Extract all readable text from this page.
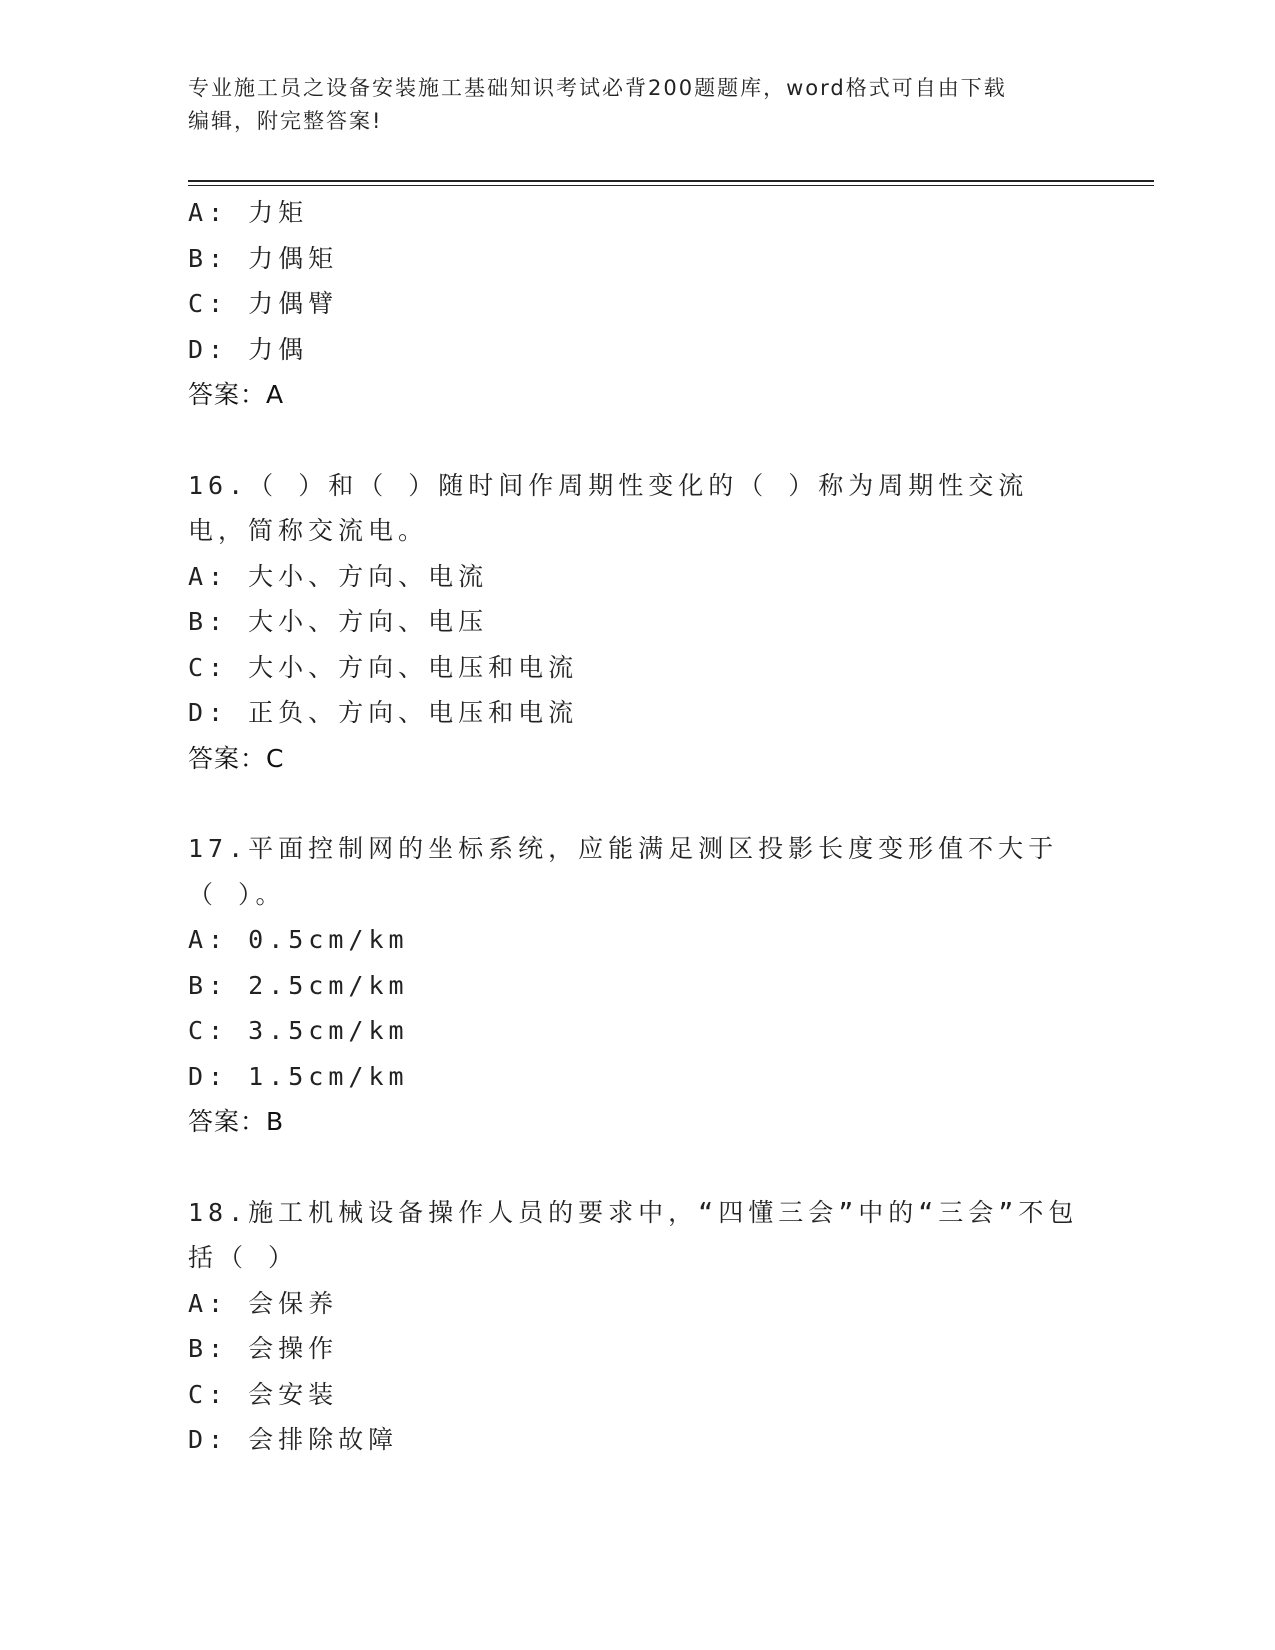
专业施工员之设备安装施工基础知识考试必背200题题库，word格式可自由下载
编辑，附完整答案!
A: 力矩
B: 力偶矩
C: 力偶臂
D: 力偶
答案：A
16.（ ）和（ ）随时间作周期性变化的（ ）称为周期性交流电，简称交流电。
A: 大小、方向、电流
B: 大小、方向、电压
C: 大小、方向、电压和电流
D: 正负、方向、电压和电流
答案：C
17.平面控制网的坐标系统，应能满足测区投影长度变形值不大于（ ）。
A: 0.5cm/km
B: 2.5cm/km
C: 3.5cm/km
D: 1.5cm/km
答案：B
18.施工机械设备操作人员的要求中，“四懂三会”中的“三会”不包括（ ）
A: 会保养
B: 会操作
C: 会安装
D: 会排除故障
